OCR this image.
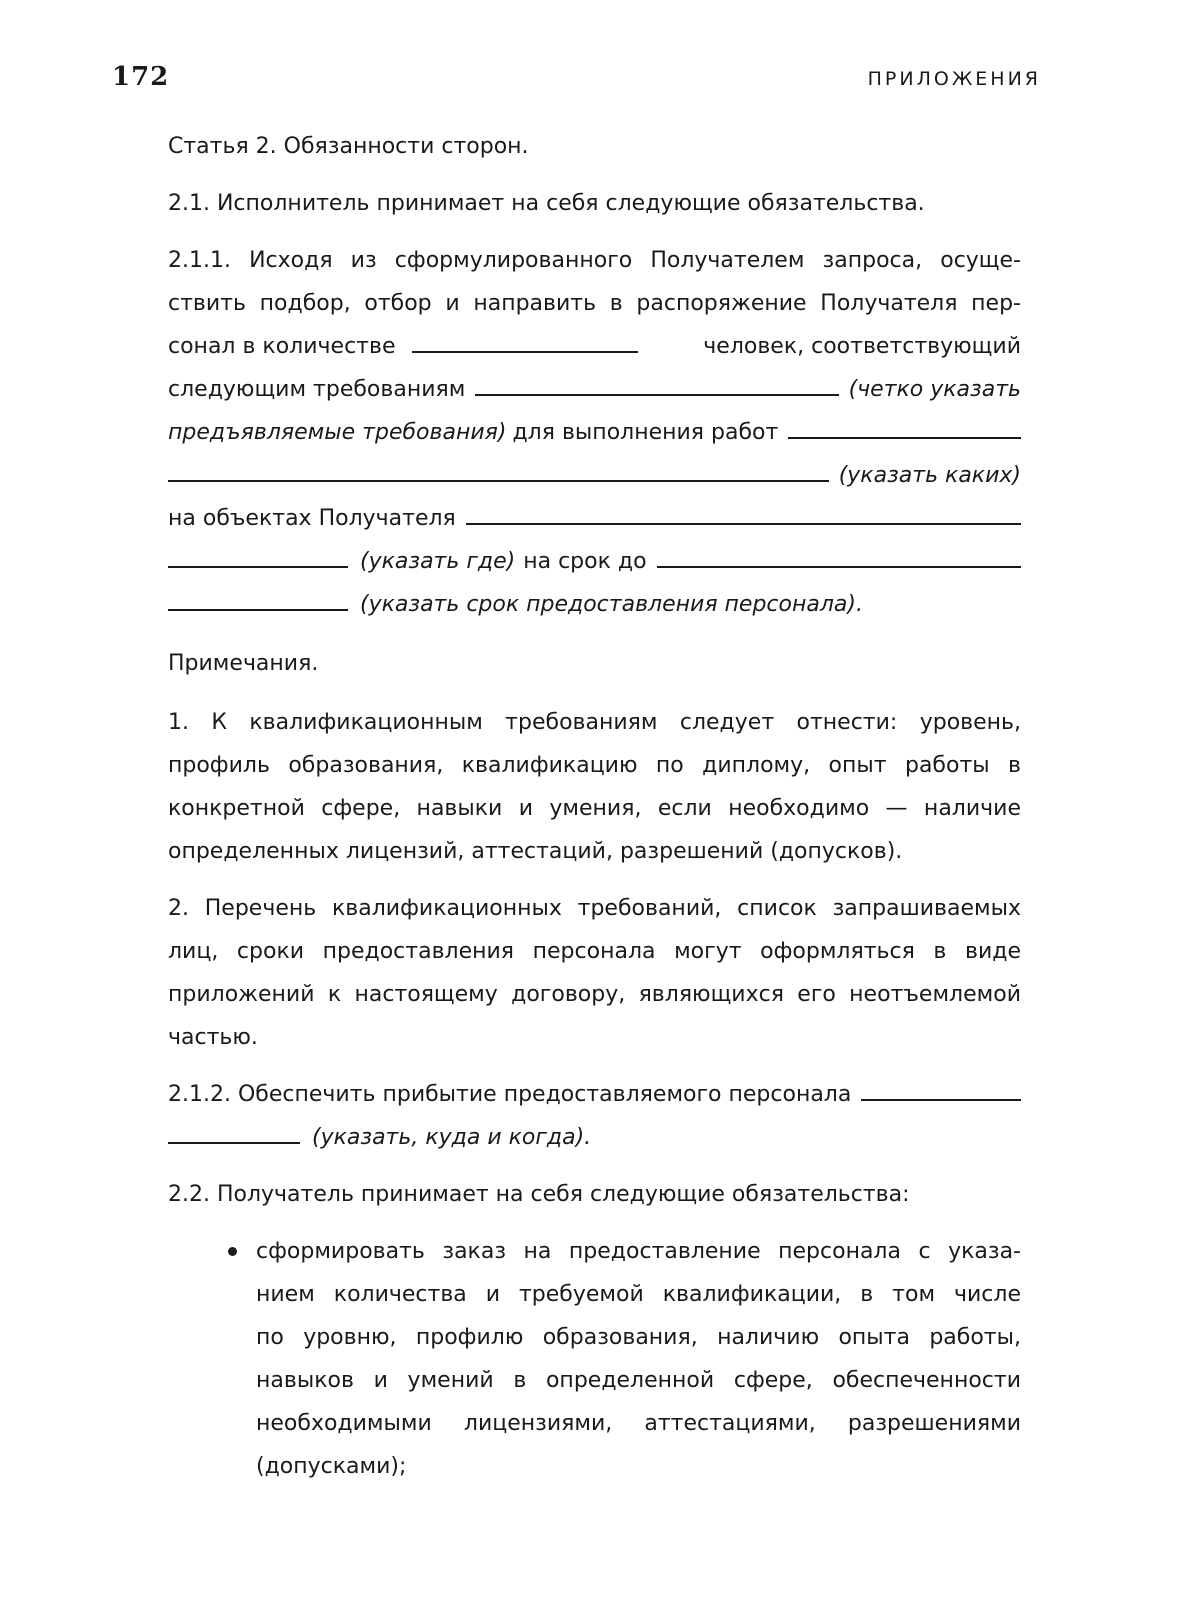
172	ПРИЛОЖЕНИЯ
Статья 2. Обязанности сторон.
2.1. Исполнитель принимает на себя следующие обязательства.
2.1.1. Исходя из сформулированного Получателем запроса, осуще-
ствить подбор, отбор и направить в распоряжение Получателя пер-
сонал в количестве	человек, соответствующий
следующим требованиям	(четко указать
предъявляемые требования) для выполнения работ
(указать каких)
на объектах Получателя
(указать где) на срок до
(указать срок предоставления персонала).
Примечания.
1. К квалификационным требованиям следует отнести: уровень,
профиль образования, квалификацию по диплому, опыт работы в
конкретной сфере, навыки и умения, если необходимо — наличие
определенных лицензий, аттестаций, разрешений (допусков).
2. Перечень квалификационных требований, список запрашиваемых
лиц, сроки предоставления персонала могут оформляться в виде
приложений к настоящему договору, являющихся его неотъемлемой
частью.
2.1.2. Обеспечить прибытие предоставляемого персонала
(указать, куда и когда).
2.2. Получатель принимает на себя следующие обязательства:
сформировать заказ на предоставление персонала с указа-
нием количества и требуемой квалификации, в том числе
по уровню, профилю образования, наличию опыта работы,
навыков и умений в определенной сфере, обеспеченности
необходимыми лицензиями, аттестациями, разрешениями
(допусками);
